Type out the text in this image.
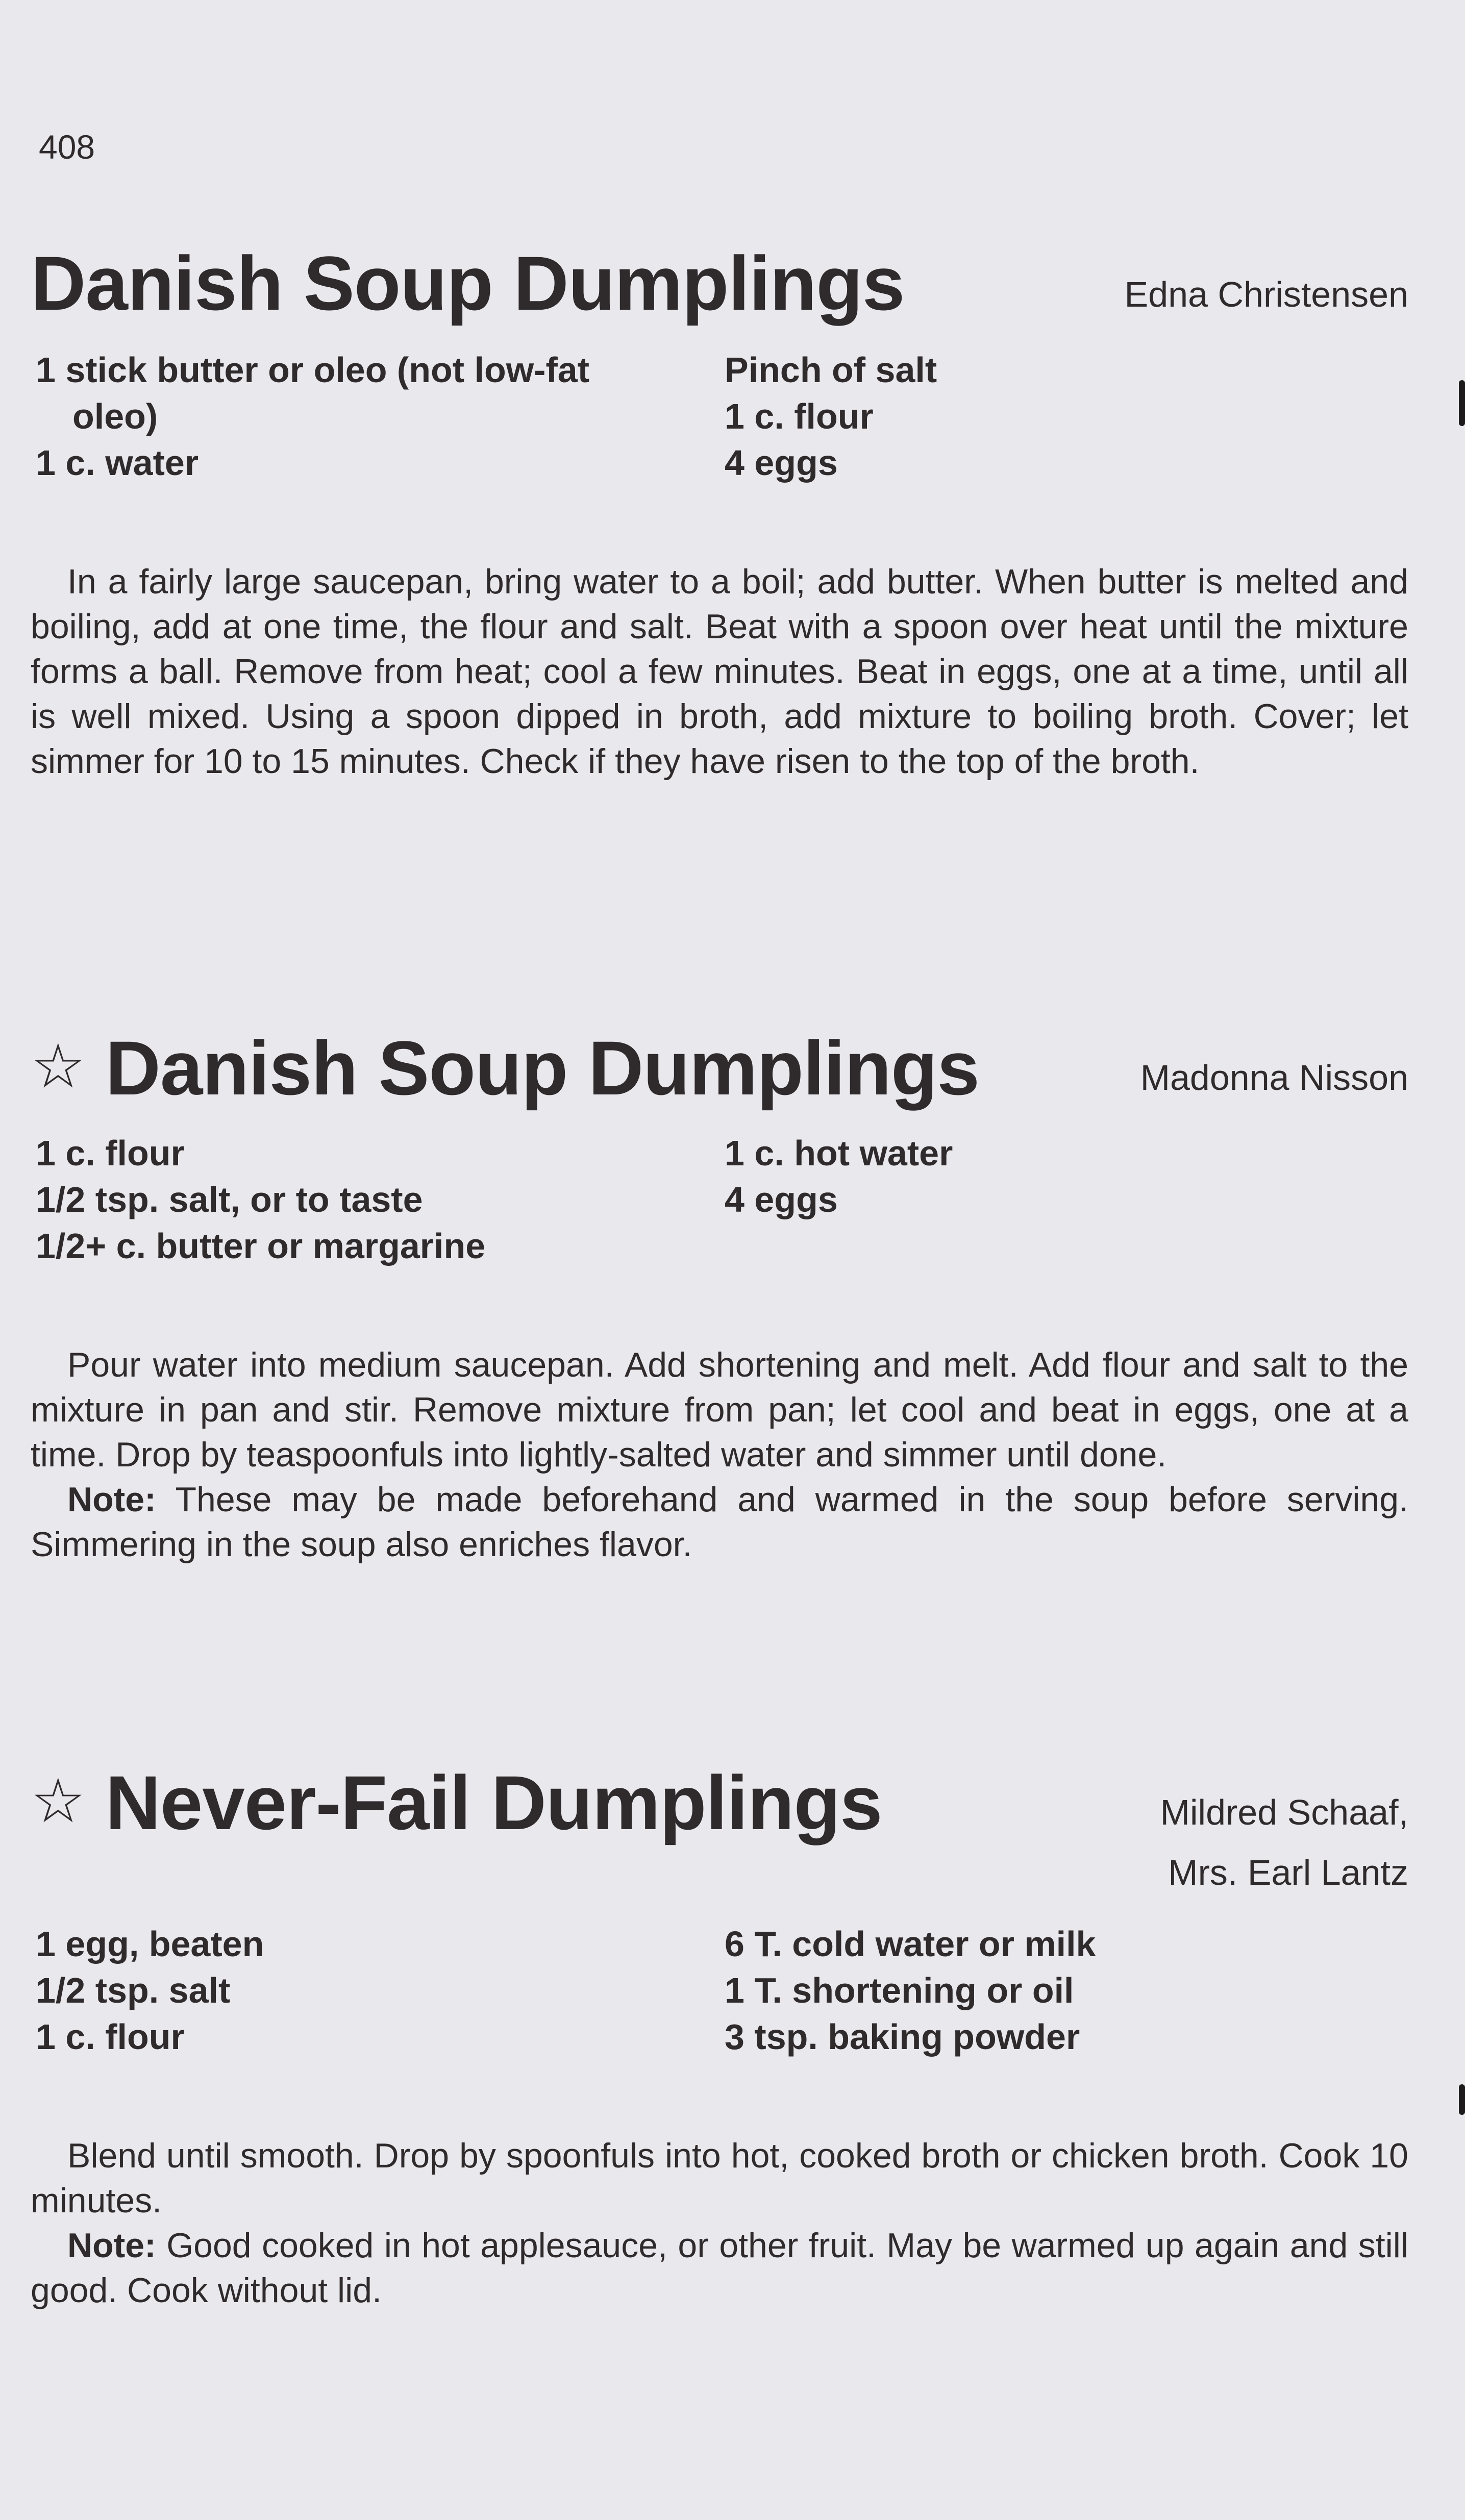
408
Danish Soup Dumplings	Edna Christensen
1 stick butter or oleo (not low-fat
oleo)
1 c. water
Pinch of salt
1 c. flour
4 eggs

In a fairly large saucepan, bring water to a boil; add butter. When butter is melted and boiling, add at one time, the flour and salt. Beat with a spoon over heat until the mixture forms a ball. Remove from heat; cool a few minutes. Beat in eggs, one at a time, until all is well mixed. Using a spoon dipped in broth, add mixture to boiling broth. Cover; let simmer for 10 to 15 minutes. Check if they have risen to the top of the broth.

☆ Danish Soup Dumplings	Madonna Nisson
1 c. flour
1/2 tsp. salt, or to taste
1/2+ c. butter or margarine
1 c. hot water
4 eggs

Pour water into medium saucepan. Add shortening and melt. Add flour and salt to the mixture in pan and stir. Remove mixture from pan; let cool and beat in eggs, one at a time. Drop by teaspoonfuls into lightly-salted water and simmer until done.

Note: These may be made beforehand and warmed in the soup before serving. Simmering in the soup also enriches flavor.

☆ Never-Fail Dumplings	Mildred Schaaf,
Mrs. Earl Lantz
1 egg, beaten
1/2 tsp. salt
1 c. flour
6 T. cold water or milk
1 T. shortening or oil
3 tsp. baking powder

Blend until smooth. Drop by spoonfuls into hot, cooked broth or chicken broth. Cook 10 minutes.

Note: Good cooked in hot applesauce, or other fruit. May be warmed up again and still good. Cook without lid.
